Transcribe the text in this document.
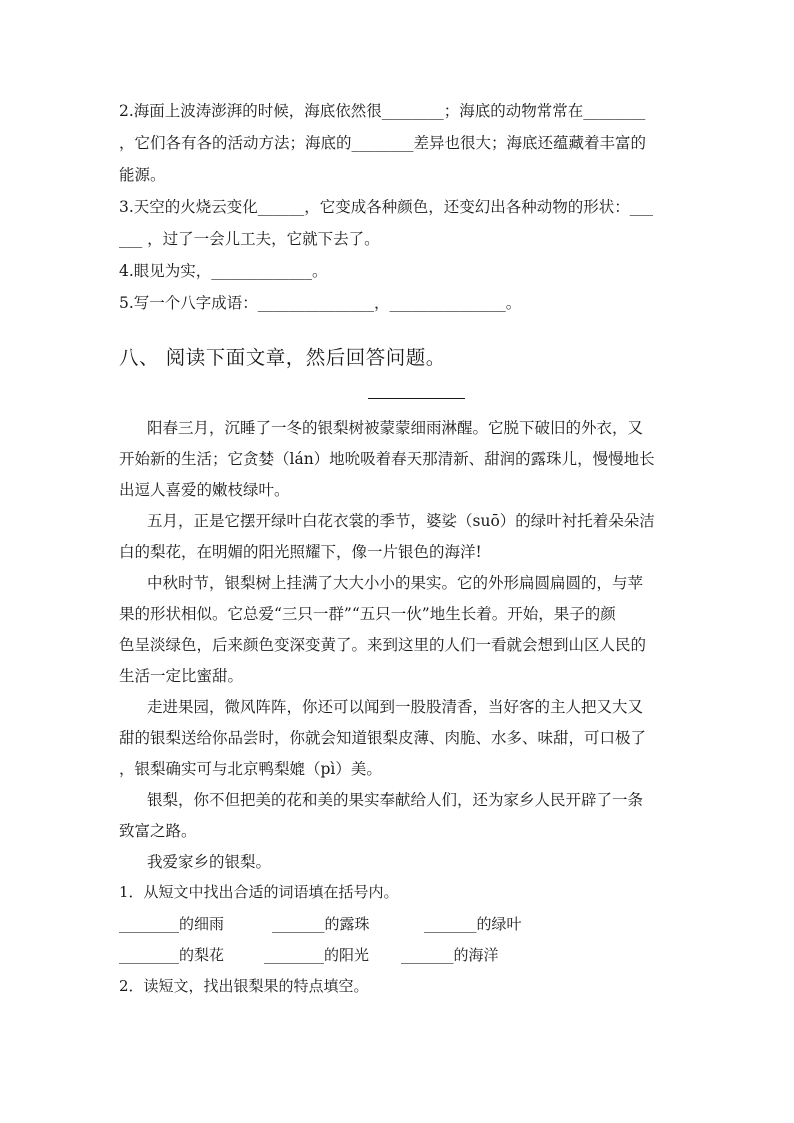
2.海面上波涛澎湃的时候，海底依然很________；海底的动物常常在________
，它们各有各的活动方法；海底的________差异也很大；海底还蕴藏着丰富的
能源。
3.天空的火烧云变化______，它变成各种颜色，还变幻出各种动物的形状：___
___ ，过了一会儿工夫，它就下去了。
4.眼见为实，_____________。
5.写一个八字成语：_______________，_______________。
八、 阅读下面文章，然后回答问题。
阳春三月，沉睡了一冬的银梨树被蒙蒙细雨淋醒。它脱下破旧的外衣，又
开始新的生活；它贪婪（lán）地吮吸着春天那清新、甜润的露珠儿，慢慢地长
出逗人喜爱的嫩枝绿叶。
五月，正是它摆开绿叶白花衣裳的季节，婆娑（suō）的绿叶衬托着朵朵洁
白的梨花，在明媚的阳光照耀下，像一片银色的海洋!
中秋时节，银梨树上挂满了大大小小的果实。它的外形扁圆扁圆的，与苹
果的形状相似。它总爱“三只一群”“五只一伙”地生长着。开始，果子的颜
色呈淡绿色，后来颜色变深变黄了。来到这里的人们一看就会想到山区人民的
生活一定比蜜甜。
走进果园，微风阵阵，你还可以闻到一股股清香，当好客的主人把又大又
甜的银梨送给你品尝时，你就会知道银梨皮薄、肉脆、水多、味甜，可口极了
，银梨确实可与北京鸭梨媲（pì）美。
银梨，你不但把美的花和美的果实奉献给人们，还为家乡人民开辟了一条
致富之路。
我爱家乡的银梨。
1．从短文中找出合适的词语填在括号内。
________的细雨	_______的露珠	_______的绿叶
________的梨花	________的阳光 _______的海洋
2．读短文，找出银梨果的特点填空。
